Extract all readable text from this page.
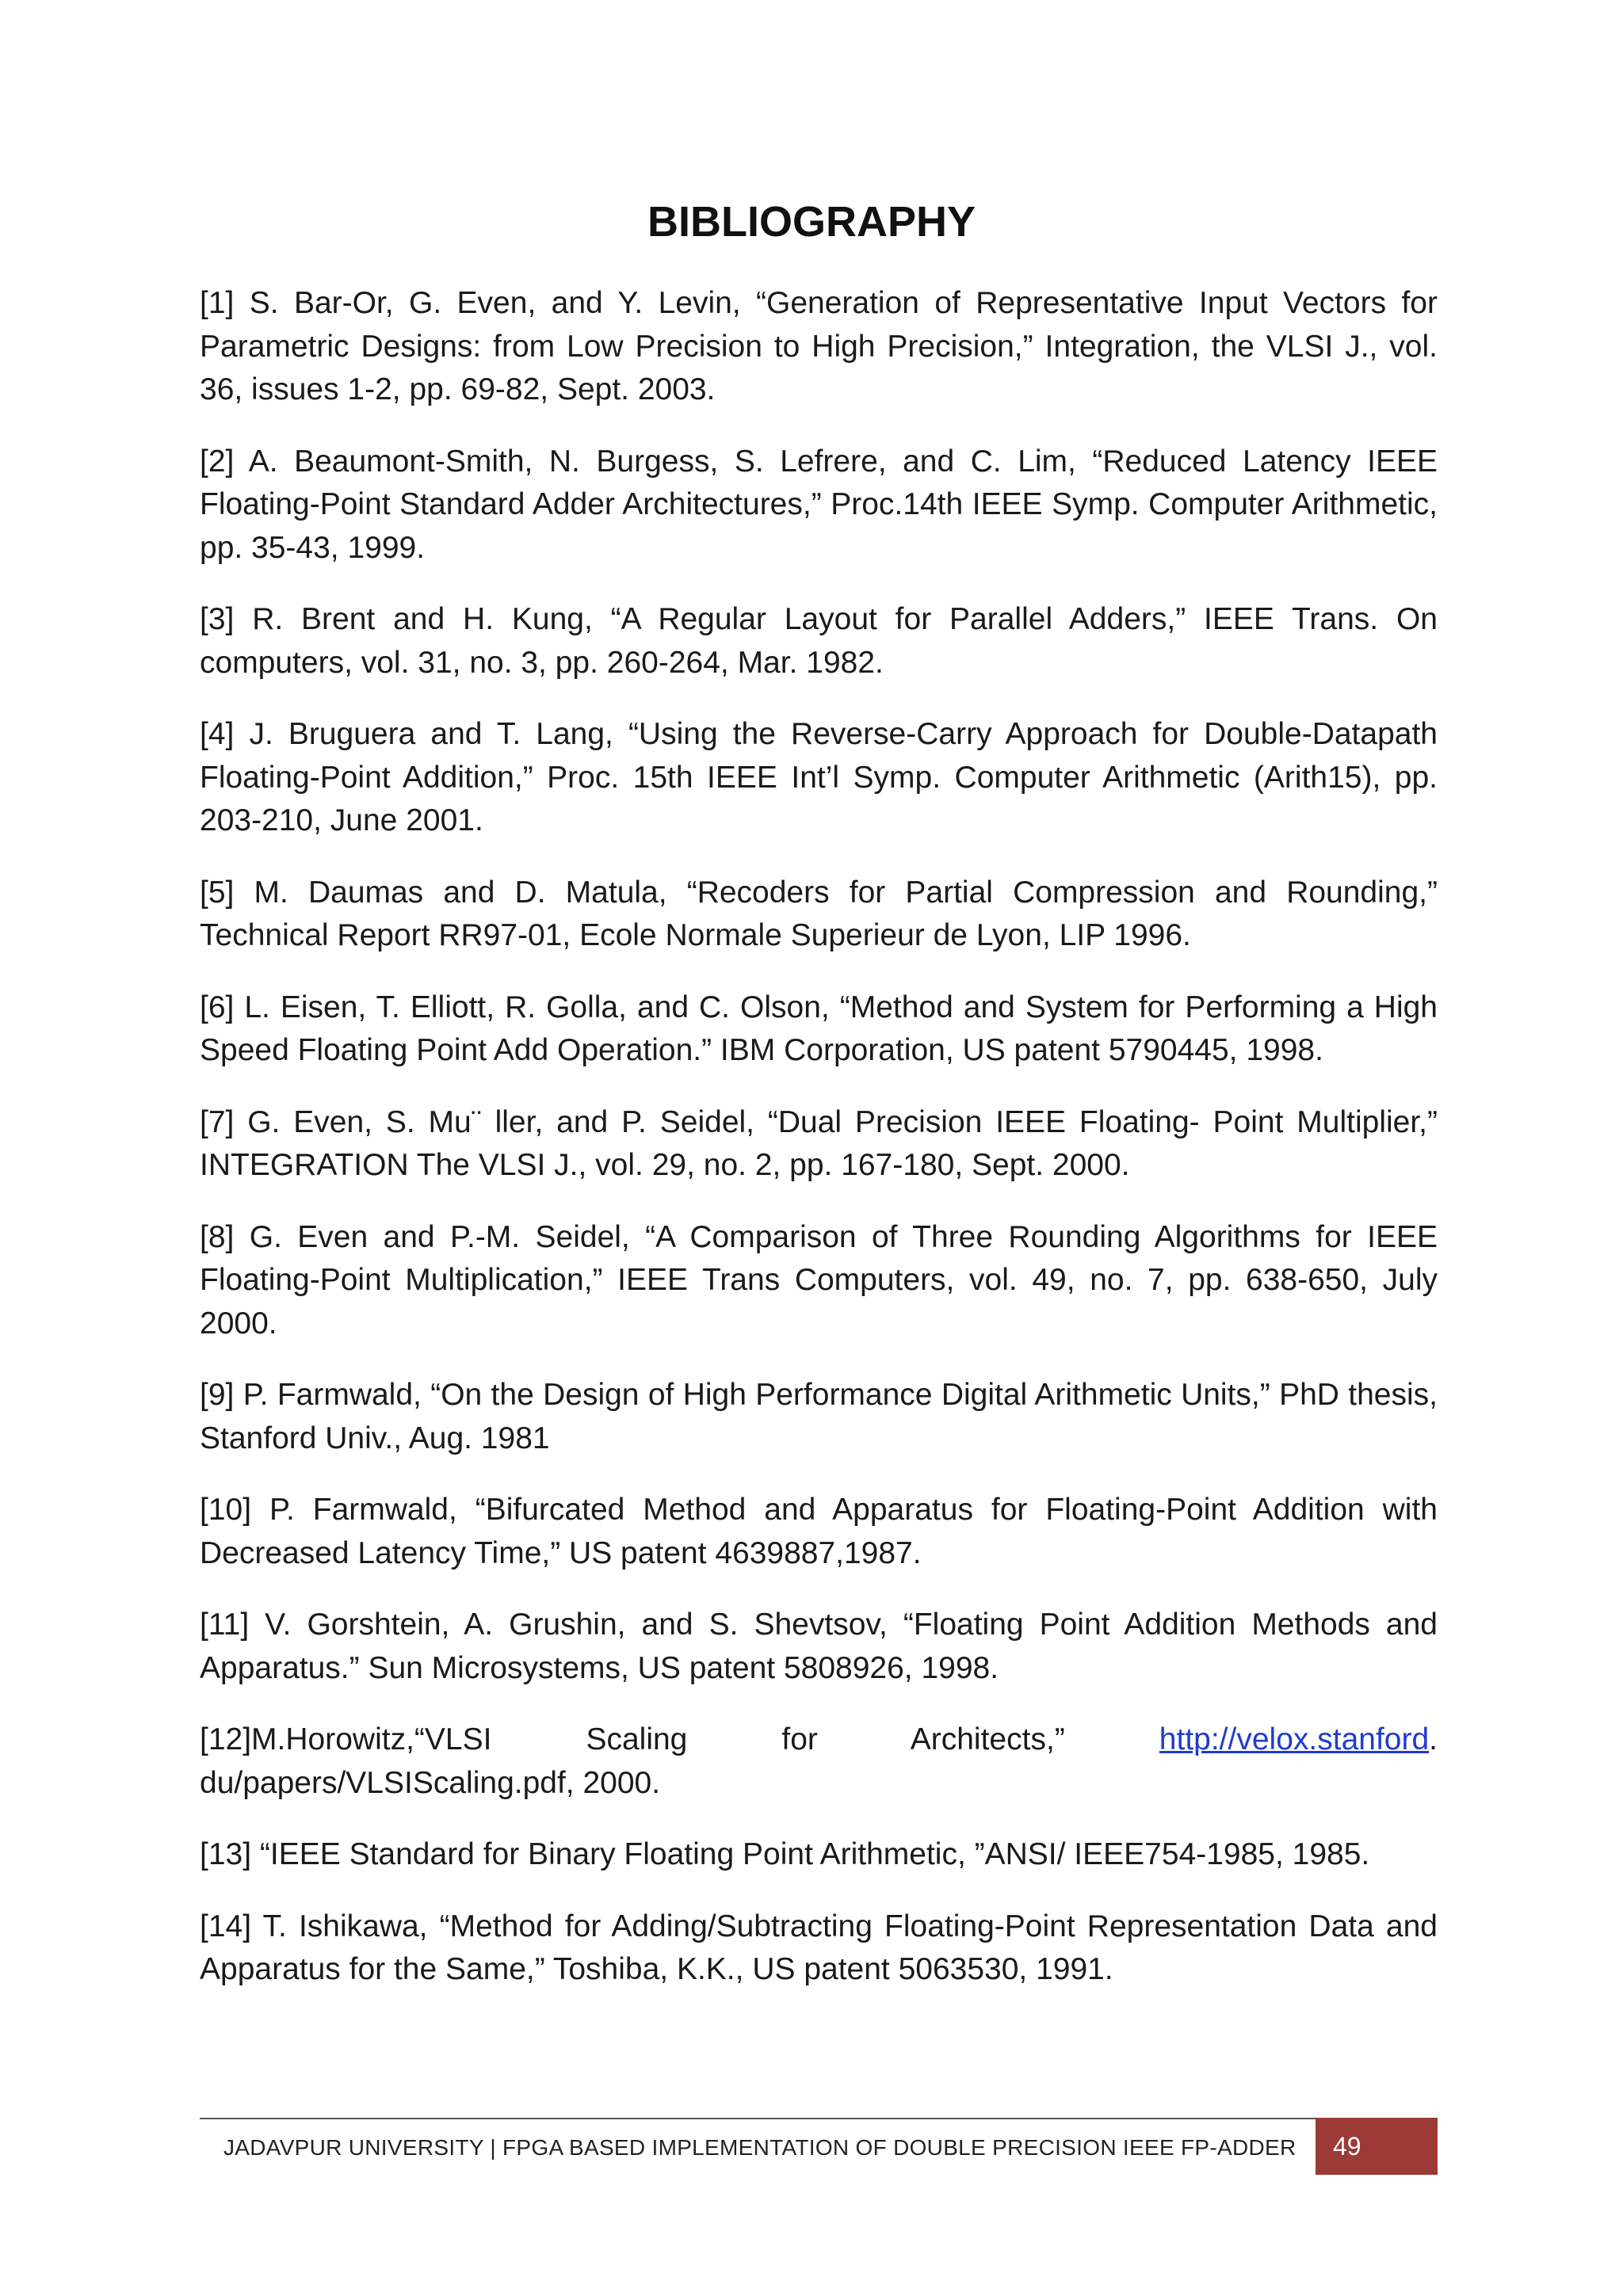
BIBLIOGRAPHY

[1] S. Bar-Or, G. Even, and Y. Levin, “Generation of Representative Input Vectors for Parametric Designs: from Low Precision to High Precision,” Integration, the VLSI J., vol. 36, issues 1-2, pp. 69-82, Sept. 2003.

[2] A. Beaumont-Smith, N. Burgess, S. Lefrere, and C. Lim, “Reduced Latency IEEE Floating-Point Standard Adder Architectures,” Proc.14th IEEE Symp. Computer Arithmetic, pp. 35-43, 1999.

[3] R. Brent and H. Kung, “A Regular Layout for Parallel Adders,” IEEE Trans. On computers, vol. 31, no. 3, pp. 260-264, Mar. 1982.

[4] J. Bruguera and T. Lang, “Using the Reverse-Carry Approach for Double-Datapath Floating-Point Addition,” Proc. 15th IEEE Int’l Symp. Computer Arithmetic (Arith15), pp. 203-210, June 2001.

[5] M. Daumas and D. Matula, “Recoders for Partial Compression and Rounding,” Technical Report RR97-01, Ecole Normale Superieur de Lyon, LIP 1996.

[6] L. Eisen, T. Elliott, R. Golla, and C. Olson, “Method and System for Performing a High Speed Floating Point Add Operation.” IBM Corporation, US patent 5790445, 1998.

[7] G. Even, S. Mu¨ ller, and P. Seidel, “Dual Precision IEEE Floating- Point Multiplier,” INTEGRATION The VLSI J., vol. 29, no. 2, pp. 167-180, Sept. 2000.

[8] G. Even and P.-M. Seidel, “A Comparison of Three Rounding Algorithms for IEEE Floating-Point Multiplication,” IEEE Trans Computers, vol. 49, no. 7, pp. 638-650, July 2000.

[9] P. Farmwald, “On the Design of High Performance Digital Arithmetic Units,” PhD thesis, Stanford Univ., Aug. 1981

[10] P. Farmwald, “Bifurcated Method and Apparatus for Floating-Point Addition with Decreased Latency Time,” US patent 4639887,1987.

[11] V. Gorshtein, A. Grushin, and S. Shevtsov, “Floating Point Addition Methods and Apparatus.” Sun Microsystems, US patent 5808926, 1998.

[12]M.Horowitz,“VLSI Scaling for Architects,” http://velox.stanford. du/papers/VLSIScaling.pdf, 2000.

[13] “IEEE Standard for Binary Floating Point Arithmetic, ”ANSI/ IEEE754-1985, 1985.

[14] T. Ishikawa, “Method for Adding/Subtracting Floating-Point Representation Data and Apparatus for the Same,” Toshiba, K.K., US patent 5063530, 1991.

JADAVPUR UNIVERSITY | FPGA BASED IMPLEMENTATION OF DOUBLE PRECISION IEEE FP-ADDER	49
